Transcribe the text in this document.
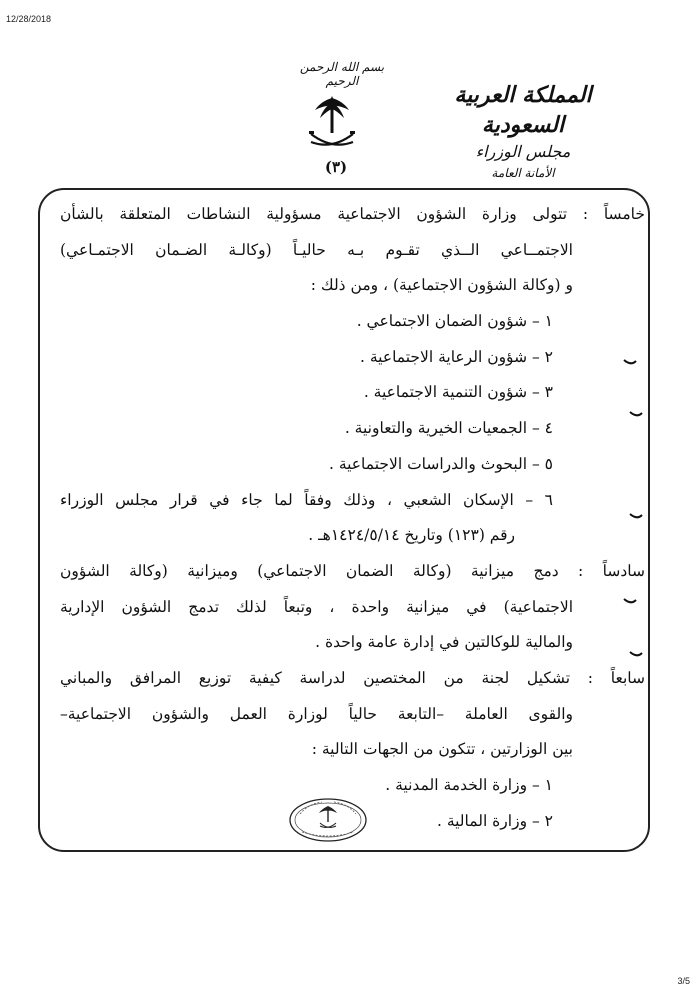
12/28/2018
بسم الله الرحمن الرحيم
(٣)
المملكة العربية السعودية
مجلس الوزراء
الأمانة العامة
خامساً : تتولى وزارة الشؤون الاجتماعية مسؤولية النشاطات المتعلقة بالشأن
الاجتمــاعي الــذي تقـوم بـه حاليـاً (وكالـة الضـمان الاجتمـاعي)
و (وكالة الشؤون الاجتماعية) ، ومن ذلك :
١ – شؤون الضمان الاجتماعي .
٢ – شؤون الرعاية الاجتماعية .
٣ – شؤون التنمية الاجتماعية .
٤ – الجمعيات الخيرية والتعاونية .
٥ – البحوث والدراسات الاجتماعية .
٦ – الإسكان الشعبي ، وذلك وفقاً لما جاء في قرار مجلس الوزراء
رقم (١٢٣) وتاريخ ١٤٢٤/٥/١٤هـ .
سادساً : دمج ميزانية (وكالة الضمان الاجتماعي) وميزانية (وكالة الشؤون
الاجتماعية) في ميزانية واحدة ، وتبعاً لذلك تدمج الشؤون الإدارية
والمالية للوكالتين في إدارة عامة واحدة .
سابعاً : تشكيل لجنة من المختصين لدراسة كيفية توزيع المرافق والمباني
والقوى العاملة –التابعة حالياً لوزارة العمل والشؤون الاجتماعية–
بين الوزارتين ، تتكون من الجهات التالية :
١ – وزارة الخدمة المدنية .
٢ – وزارة المالية .
3/5
